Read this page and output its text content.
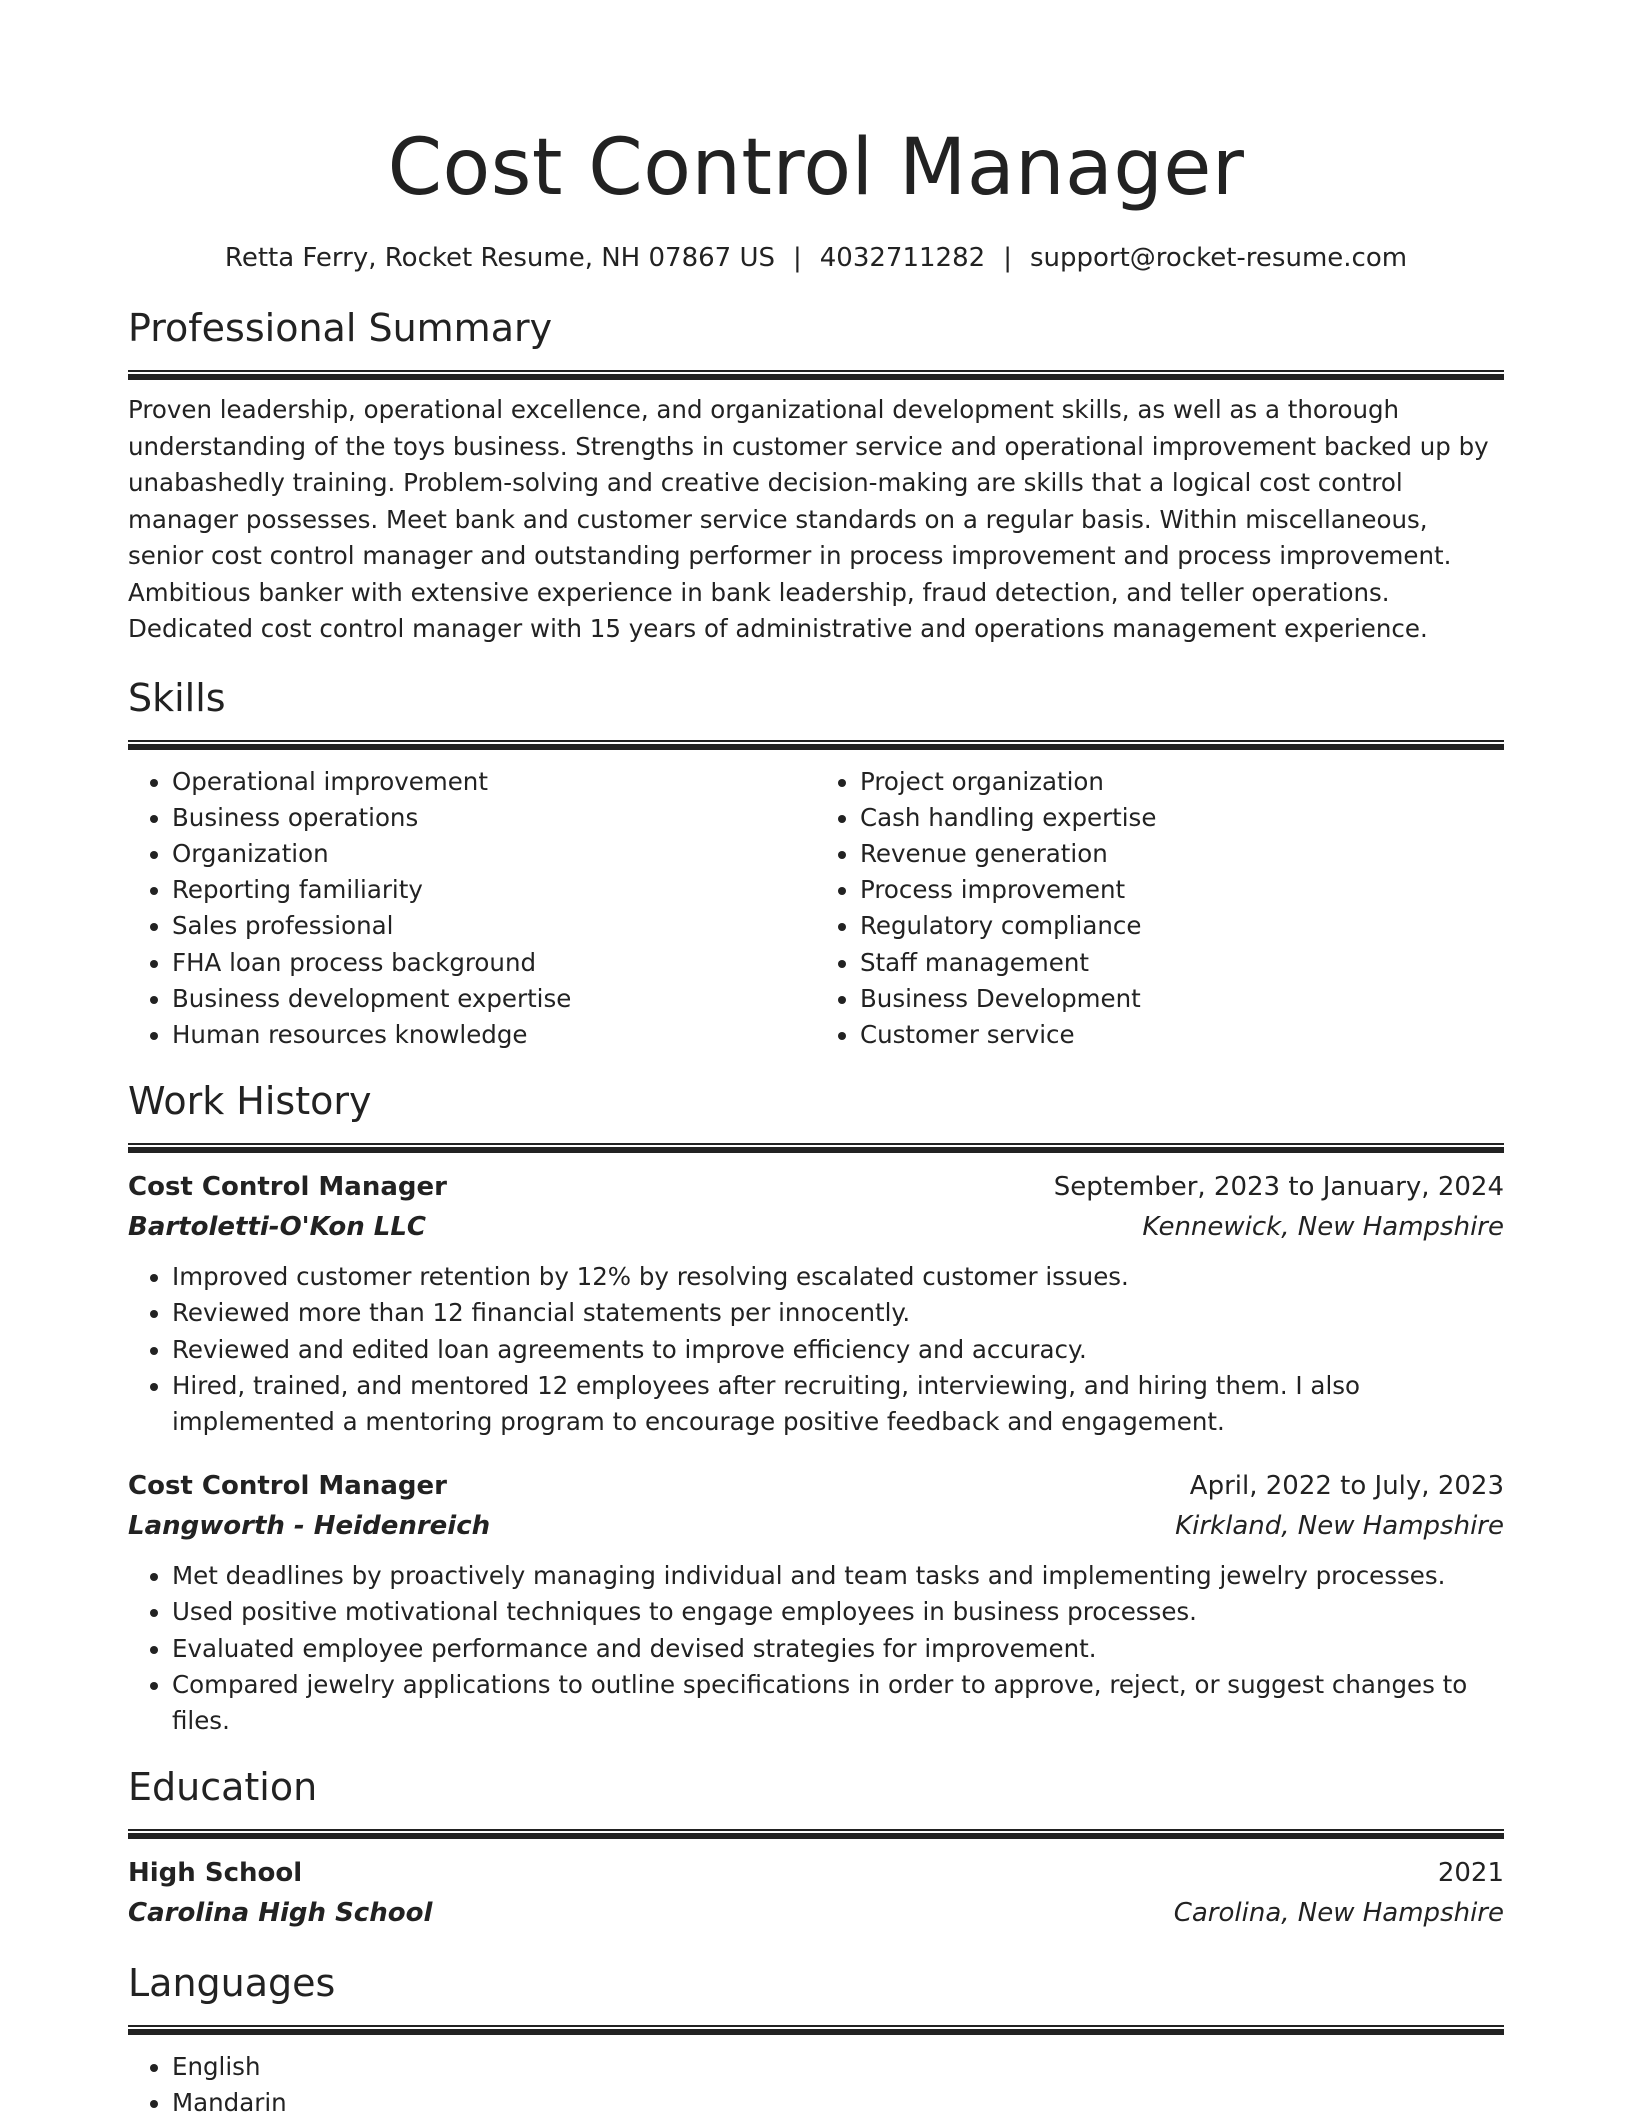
Cost Control Manager
Retta Ferry, Rocket Resume, NH 07867 US | 4032711282 | support@rocket-resume.com
Professional Summary
Proven leadership, operational excellence, and organizational development skills, as well as a thorough understanding of the toys business. Strengths in customer service and operational improvement backed up by unabashedly training. Problem-solving and creative decision-making are skills that a logical cost control manager possesses. Meet bank and customer service standards on a regular basis. Within miscellaneous, senior cost control manager and outstanding performer in process improvement and process improvement. Ambitious banker with extensive experience in bank leadership, fraud detection, and teller operations. Dedicated cost control manager with 15 years of administrative and operations management experience.
Skills
• Operational improvement
• Business operations
• Organization
• Reporting familiarity
• Sales professional
• FHA loan process background
• Business development expertise
• Human resources knowledge
• Project organization
• Cash handling expertise
• Revenue generation
• Process improvement
• Regulatory compliance
• Staff management
• Business Development
• Customer service
Work History
Cost Control Manager	September, 2023 to January, 2024
Bartoletti-O'Kon LLC	Kennewick, New Hampshire
• Improved customer retention by 12% by resolving escalated customer issues.
• Reviewed more than 12 financial statements per innocently.
• Reviewed and edited loan agreements to improve efficiency and accuracy.
• Hired, trained, and mentored 12 employees after recruiting, interviewing, and hiring them. I also implemented a mentoring program to encourage positive feedback and engagement.
Cost Control Manager	April, 2022 to July, 2023
Langworth - Heidenreich	Kirkland, New Hampshire
• Met deadlines by proactively managing individual and team tasks and implementing jewelry processes.
• Used positive motivational techniques to engage employees in business processes.
• Evaluated employee performance and devised strategies for improvement.
• Compared jewelry applications to outline specifications in order to approve, reject, or suggest changes to files.
Education
High School	2021
Carolina High School	Carolina, New Hampshire
Languages
• English
• Mandarin
